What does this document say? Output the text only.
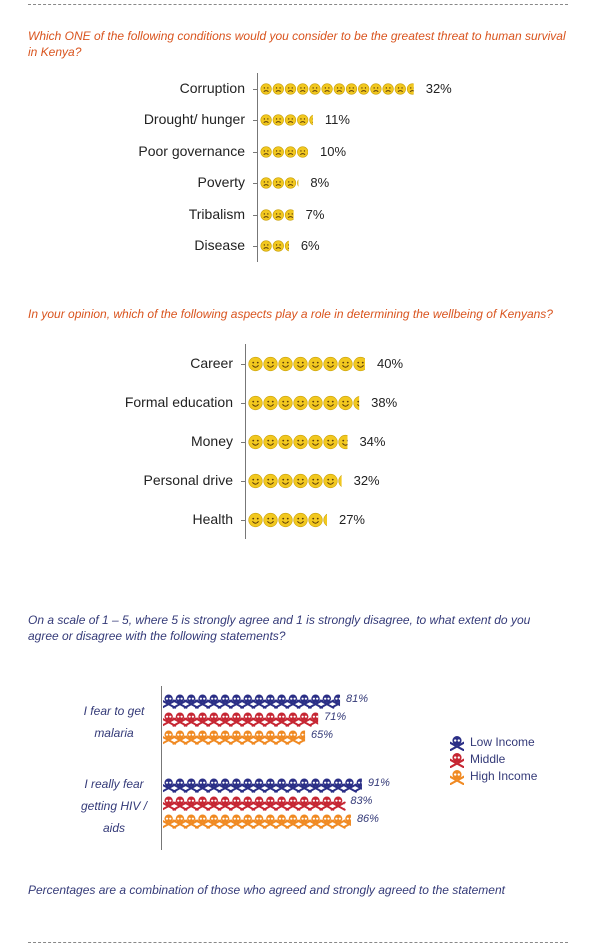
Which ONE of the following conditions would you consider to be the greatest threat to human survival in Kenya?
Corruption	32%
Drought/ hunger	11%
Poor governance	10%
Poverty	8%
Tribalism	7%
Disease	6%
In your opinion, which of the following aspects play a role in determining the wellbeing of Kenyans?
Career	40%
Formal education	38%
Money	34%
Personal drive	32%
Health	27%
On a scale of 1 – 5, where 5 is strongly agree and 1 is strongly disagree, to what extent do you agree or disagree with the following statements?
81%
71%
65%
91%
83%
86%
I fear to get
malaria
I really fear
getting HIV /
aids
Low Income
Middle
High Income
Percentages are a combination of those who agreed and strongly agreed to the statement
